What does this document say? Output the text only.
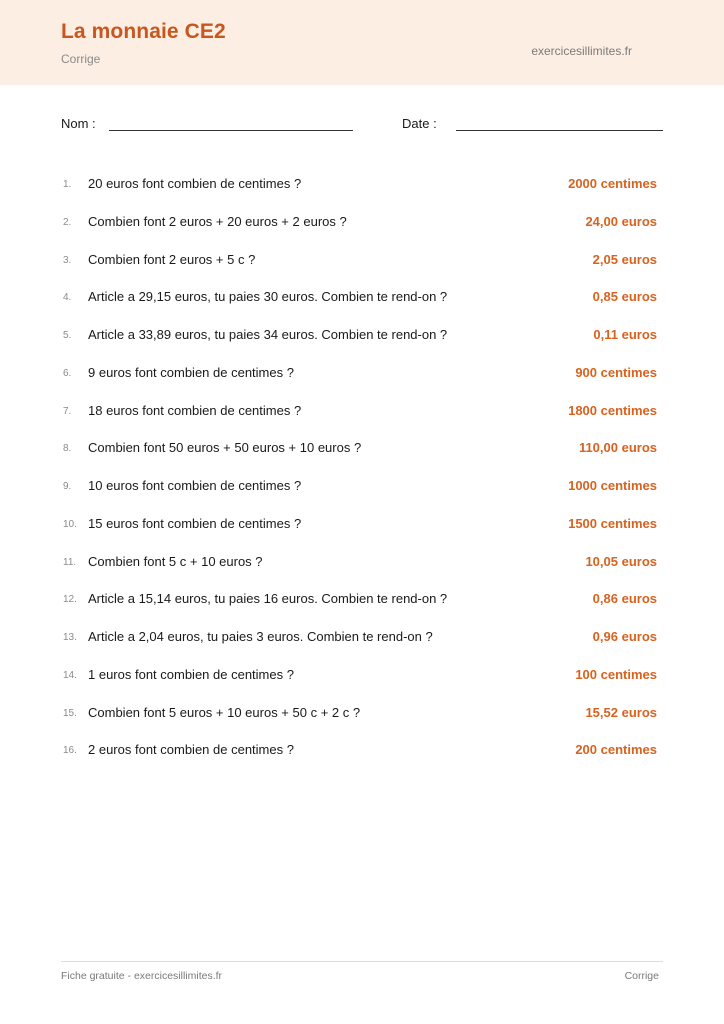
La monnaie CE2
Corrige
exercicesillimites.fr
Nom :	Date :
1. 20 euros font combien de centimes ?	2000 centimes
2. Combien font 2 euros + 20 euros + 2 euros ?	24,00 euros
3. Combien font 2 euros + 5 c ?	2,05 euros
4. Article a 29,15 euros, tu paies 30 euros. Combien te rend-on ?	0,85 euros
5. Article a 33,89 euros, tu paies 34 euros. Combien te rend-on ?	0,11 euros
6. 9 euros font combien de centimes ?	900 centimes
7. 18 euros font combien de centimes ?	1800 centimes
8. Combien font 50 euros + 50 euros + 10 euros ?	110,00 euros
9. 10 euros font combien de centimes ?	1000 centimes
10. 15 euros font combien de centimes ?	1500 centimes
11. Combien font 5 c + 10 euros ?	10,05 euros
12. Article a 15,14 euros, tu paies 16 euros. Combien te rend-on ?	0,86 euros
13. Article a 2,04 euros, tu paies 3 euros. Combien te rend-on ?	0,96 euros
14. 1 euros font combien de centimes ?	100 centimes
15. Combien font 5 euros + 10 euros + 50 c + 2 c ?	15,52 euros
16. 2 euros font combien de centimes ?	200 centimes
Fiche gratuite - exercicesillimites.fr	Corrige
